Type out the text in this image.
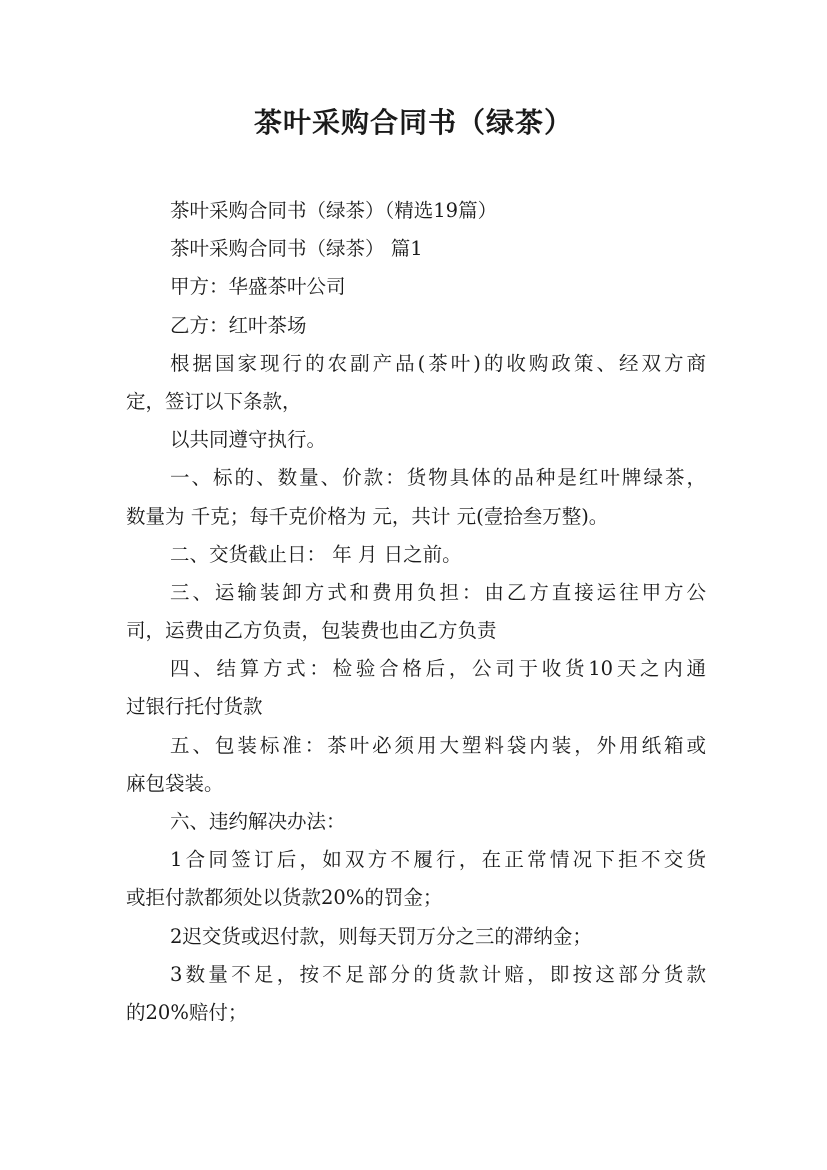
茶叶采购合同书（绿茶）
茶叶采购合同书（绿茶）（精选19篇）
茶叶采购合同书（绿茶） 篇1
甲方：华盛茶叶公司
乙方：红叶茶场
根据国家现行的农副产品(茶叶)的收购政策、经双方商
定，签订以下条款，
以共同遵守执行。
一、标的、数量、价款：货物具体的品种是红叶牌绿茶，
数量为 千克；每千克价格为 元，共计 元(壹拾叁万整)。
二、交货截止日： 年 月 日之前。
三、运输装卸方式和费用负担：由乙方直接运往甲方公
司，运费由乙方负责，包装费也由乙方负责
四、结算方式：检验合格后，公司于收货10天之内通
过银行托付货款
五、包装标准：茶叶必须用大塑料袋内装，外用纸箱或
麻包袋装。
六、违约解决办法：
1合同签订后，如双方不履行，在正常情况下拒不交货
或拒付款都须处以货款20%的罚金；
2迟交货或迟付款，则每天罚万分之三的滞纳金；
3数量不足，按不足部分的货款计赔，即按这部分货款
的20%赔付；
